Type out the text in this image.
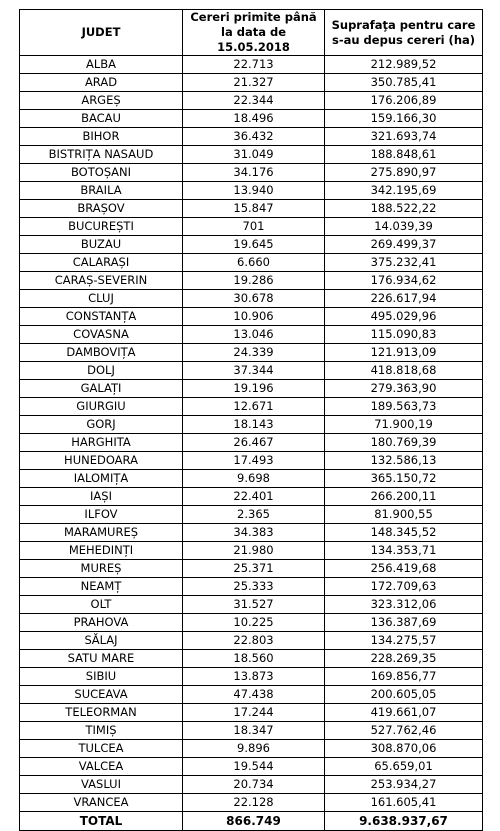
JUDET	Cereri primite până la data de 15.05.2018	Suprafaţa pentru care s-au depus cereri (ha)
ALBA	22.713	212.989,52
ARAD	21.327	350.785,41
ARGEȘ	22.344	176.206,89
BACAU	18.496	159.166,30
BIHOR	36.432	321.693,74
BISTRIȚA NASAUD	31.049	188.848,61
BOTOȘANI	34.176	275.890,97
BRAILA	13.940	342.195,69
BRAȘOV	15.847	188.522,22
BUCUREȘTI	701	14.039,39
BUZAU	19.645	269.499,37
CALARAȘI	6.660	375.232,41
CARAȘ-SEVERIN	19.286	176.934,62
CLUJ	30.678	226.617,94
CONSTANȚA	10.906	495.029,96
COVASNA	13.046	115.090,83
DAMBOVIȚA	24.339	121.913,09
DOLJ	37.344	418.818,68
GALAȚI	19.196	279.363,90
GIURGIU	12.671	189.563,73
GORJ	18.143	71.900,19
HARGHITA	26.467	180.769,39
HUNEDOARA	17.493	132.586,13
IALOMIȚA	9.698	365.150,72
IAȘI	22.401	266.200,11
ILFOV	2.365	81.900,55
MARAMUREȘ	34.383	148.345,52
MEHEDINȚI	21.980	134.353,71
MUREȘ	25.371	256.419,68
NEAMȚ	25.333	172.709,63
OLT	31.527	323.312,06
PRAHOVA	10.225	136.387,69
SĂLAJ	22.803	134.275,57
SATU MARE	18.560	228.269,35
SIBIU	13.873	169.856,77
SUCEAVA	47.438	200.605,05
TELEORMAN	17.244	419.661,07
TIMIȘ	18.347	527.762,46
TULCEA	9.896	308.870,06
VALCEA	19.544	65.659,01
VASLUI	20.734	253.934,27
VRANCEA	22.128	161.605,41
TOTAL	866.749	9.638.937,67
